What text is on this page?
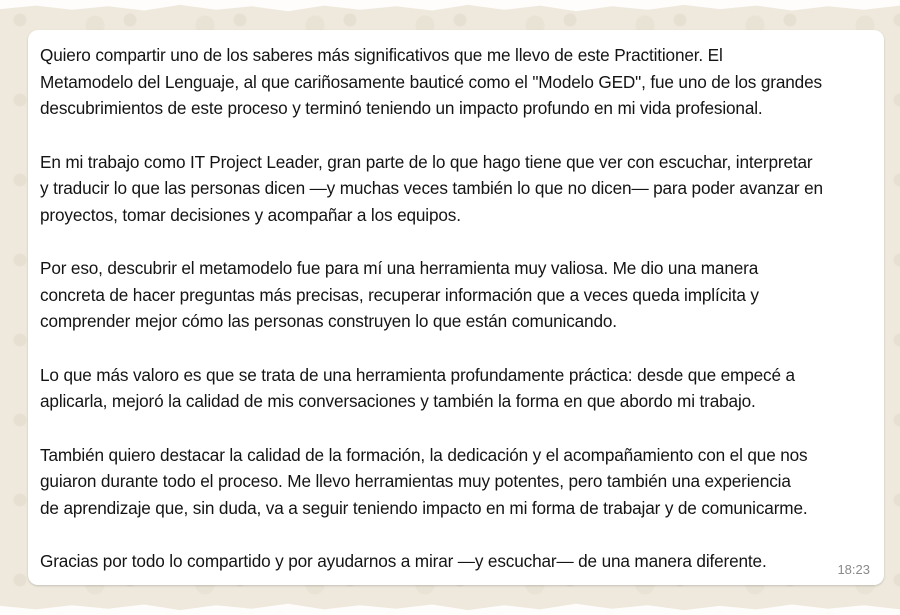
Quiero compartir uno de los saberes más significativos que me llevo de este Practitioner. El
Metamodelo del Lenguaje, al que cariñosamente bauticé como el "Modelo GED", fue uno de los grandes
descubrimientos de este proceso y terminó teniendo un impacto profundo en mi vida profesional.

En mi trabajo como IT Project Leader, gran parte de lo que hago tiene que ver con escuchar, interpretar
y traducir lo que las personas dicen —y muchas veces también lo que no dicen— para poder avanzar en
proyectos, tomar decisiones y acompañar a los equipos.

Por eso, descubrir el metamodelo fue para mí una herramienta muy valiosa. Me dio una manera
concreta de hacer preguntas más precisas, recuperar información que a veces queda implícita y
comprender mejor cómo las personas construyen lo que están comunicando.

Lo que más valoro es que se trata de una herramienta profundamente práctica: desde que empecé a
aplicarla, mejoró la calidad de mis conversaciones y también la forma en que abordo mi trabajo.

También quiero destacar la calidad de la formación, la dedicación y el acompañamiento con el que nos
guiaron durante todo el proceso. Me llevo herramientas muy potentes, pero también una experiencia
de aprendizaje que, sin duda, va a seguir teniendo impacto en mi forma de trabajar y de comunicarme.

Gracias por todo lo compartido y por ayudarnos a mirar —y escuchar— de una manera diferente.	18:23
